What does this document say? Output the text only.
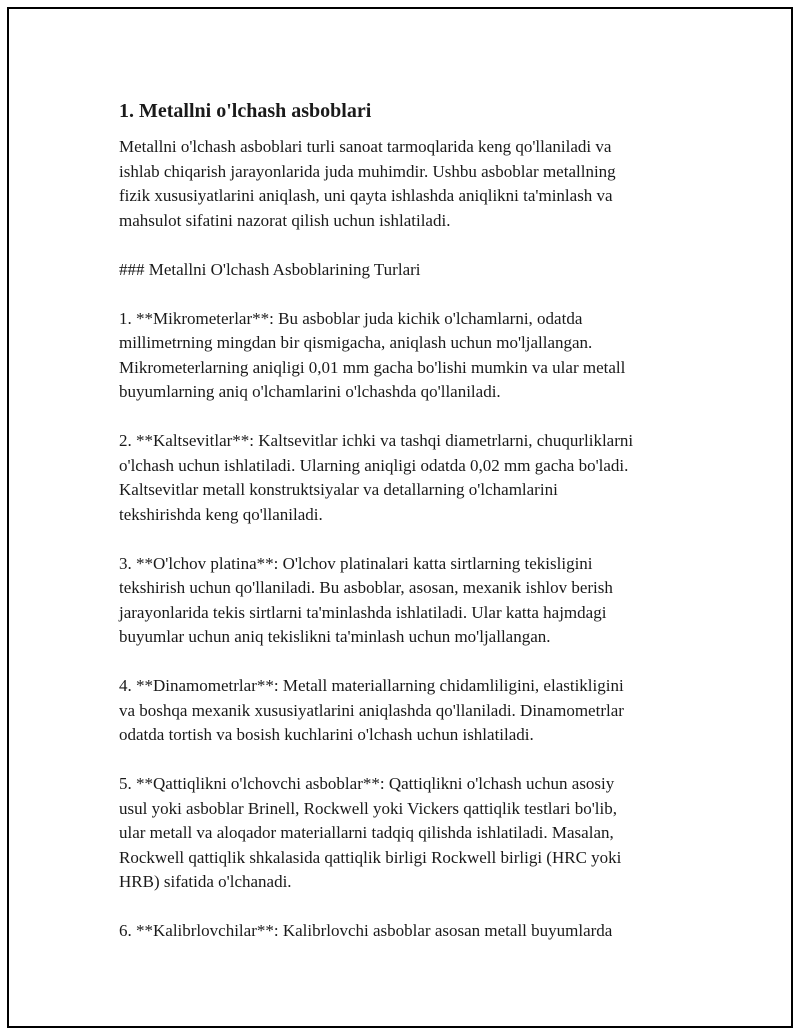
1. Metallni o'lchash asboblari

Metallni o'lchash asboblari turli sanoat tarmoqlarida keng qo'llaniladi va
ishlab chiqarish jarayonlarida juda muhimdir. Ushbu asboblar metallning
fizik xususiyatlarini aniqlash, uni qayta ishlashda aniqlikni ta'minlash va
mahsulot sifatini nazorat qilish uchun ishlatiladi.

### Metallni O'lchash Asboblarining Turlari

1. **Mikrometerlar**: Bu asboblar juda kichik o'lchamlarni, odatda
millimetrning mingdan bir qismigacha, aniqlash uchun mo'ljallangan.
Mikrometerlarning aniqligi 0,01 mm gacha bo'lishi mumkin va ular metall
buyumlarning aniq o'lchamlarini o'lchashda qo'llaniladi.

2. **Kaltsevitlar**: Kaltsevitlar ichki va tashqi diametrlarni, chuqurliklarni
o'lchash uchun ishlatiladi. Ularning aniqligi odatda 0,02 mm gacha bo'ladi.
Kaltsevitlar metall konstruktsiyalar va detallarning o'lchamlarini
tekshirishda keng qo'llaniladi.

3. **O'lchov platina**: O'lchov platinalari katta sirtlarning tekisligini
tekshirish uchun qo'llaniladi. Bu asboblar, asosan, mexanik ishlov berish
jarayonlarida tekis sirtlarni ta'minlashda ishlatiladi. Ular katta hajmdagi
buyumlar uchun aniq tekislikni ta'minlash uchun mo'ljallangan.

4. **Dinamometrlar**: Metall materiallarning chidamliligini, elastikligini
va boshqa mexanik xususiyatlarini aniqlashda qo'llaniladi. Dinamometrlar
odatda tortish va bosish kuchlarini o'lchash uchun ishlatiladi.

5. **Qattiqlikni o'lchovchi asboblar**: Qattiqlikni o'lchash uchun asosiy
usul yoki asboblar Brinell, Rockwell yoki Vickers qattiqlik testlari bo'lib,
ular metall va aloqador materiallarni tadqiq qilishda ishlatiladi. Masalan,
Rockwell qattiqlik shkalasida qattiqlik birligi Rockwell birligi (HRC yoki
HRB) sifatida o'lchanadi.

6. **Kalibrlovchilar**: Kalibrlovchi asboblar asosan metall buyumlarda
